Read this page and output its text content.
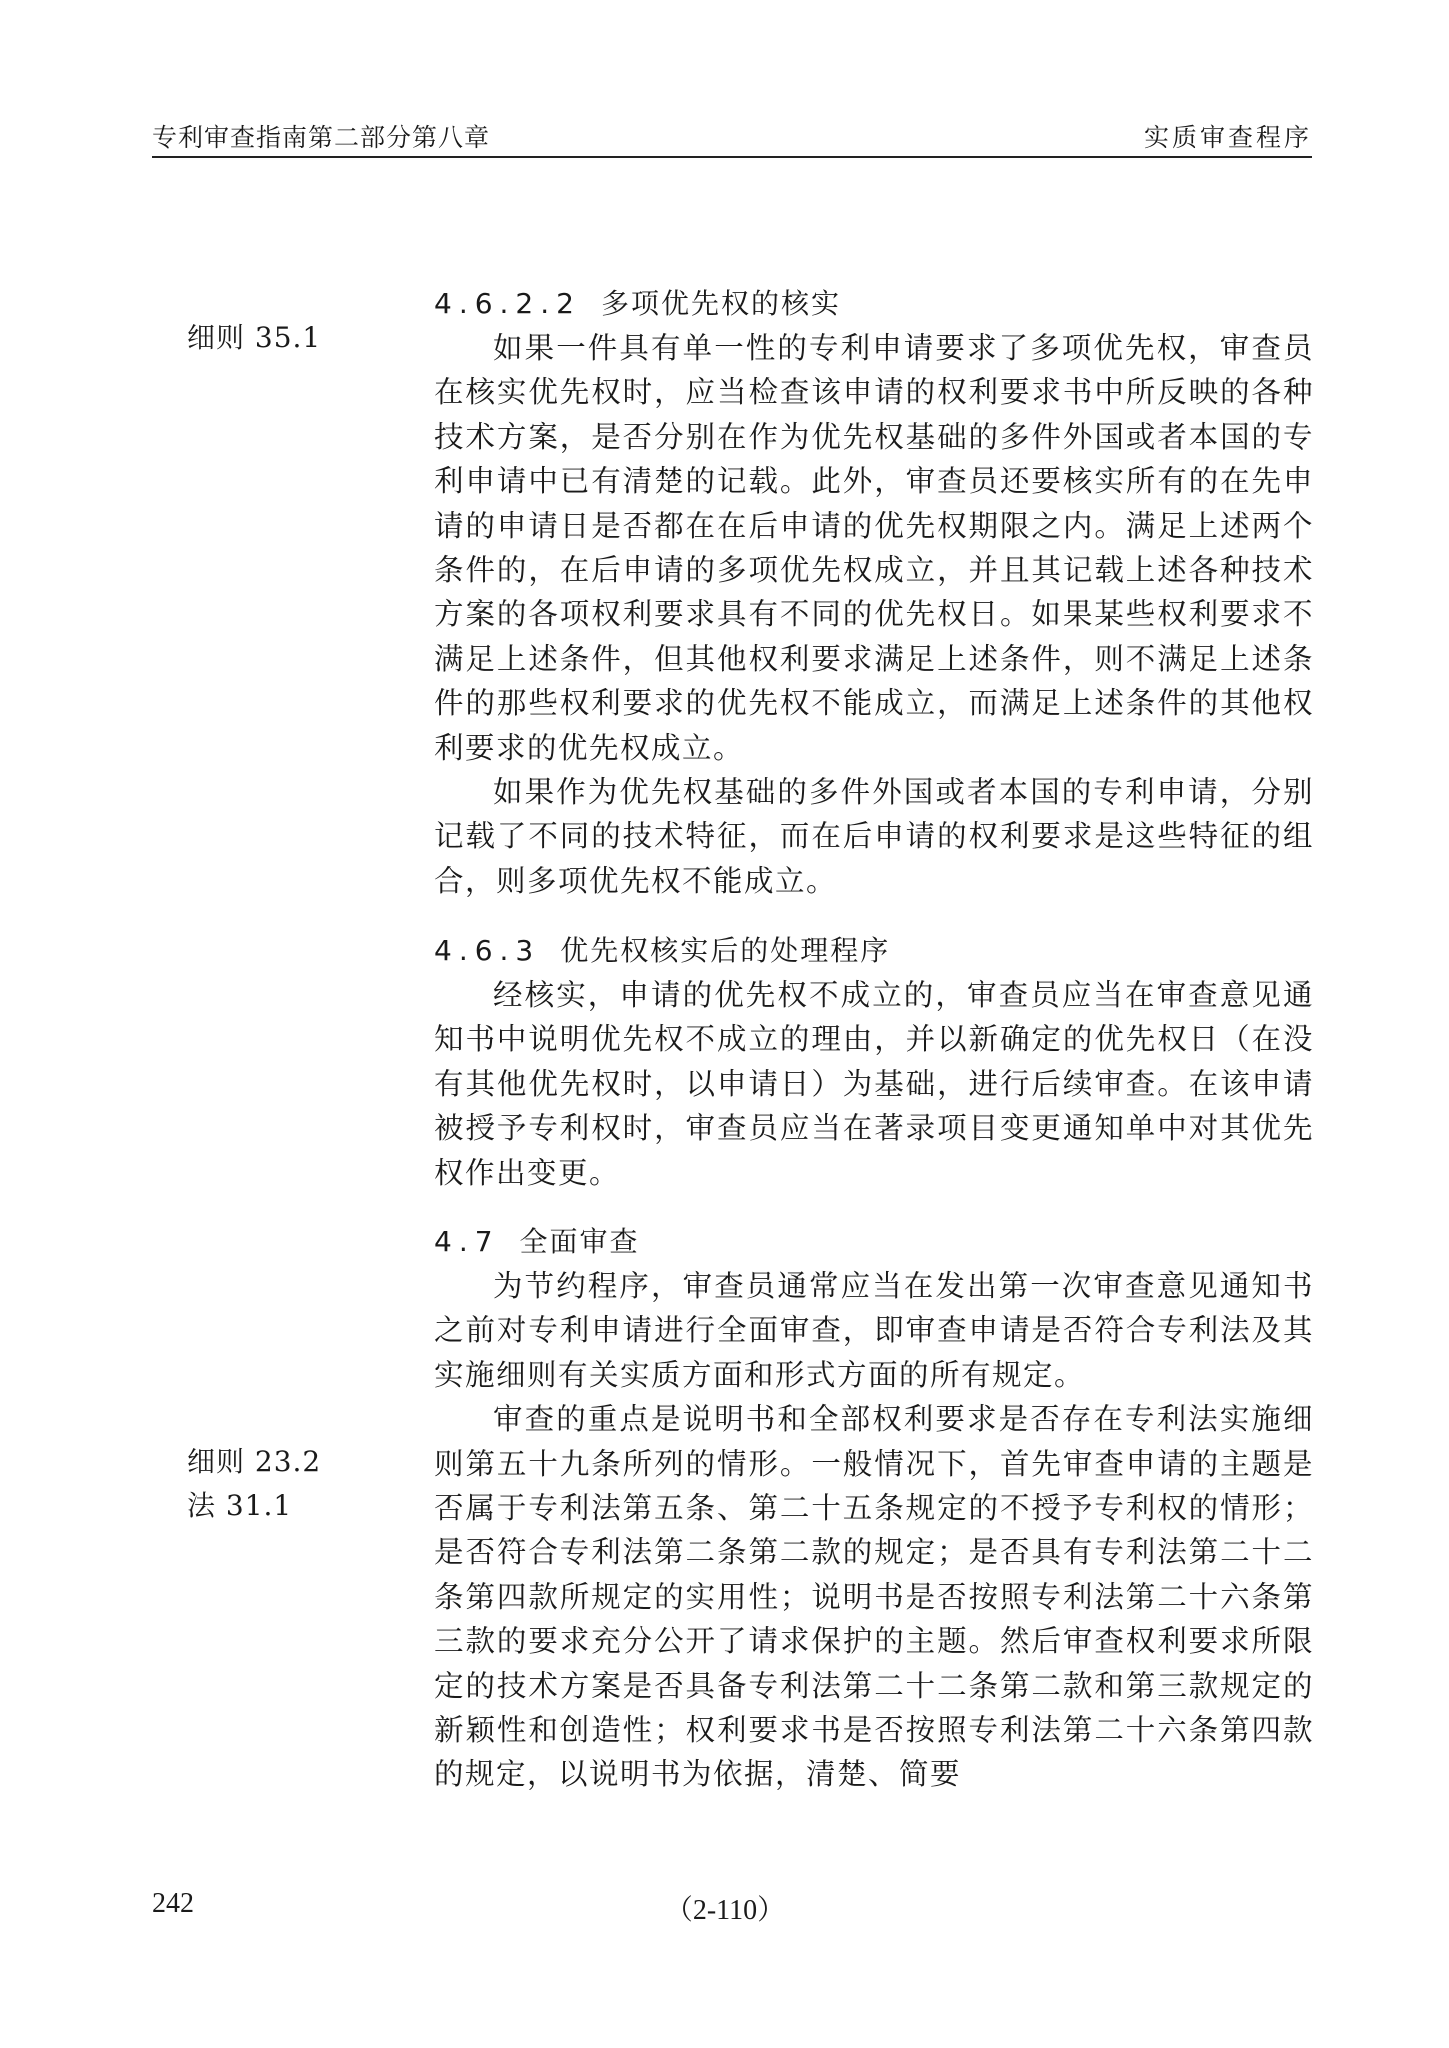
专利审查指南第二部分第八章	实质审查程序
细则 35.1
细则 23.2
法 31.1
4.6.2.2 多项优先权的核实

如果一件具有单一性的专利申请要求了多项优先权，审查员在核实优先权时，应当检查该申请的权利要求书中所反映的各种技术方案，是否分别在作为优先权基础的多件外国或者本国的专利申请中已有清楚的记载。此外，审查员还要核实所有的在先申请的申请日是否都在在后申请的优先权期限之内。满足上述两个条件的，在后申请的多项优先权成立，并且其记载上述各种技术方案的各项权利要求具有不同的优先权日。如果某些权利要求不满足上述条件，但其他权利要求满足上述条件，则不满足上述条件的那些权利要求的优先权不能成立，而满足上述条件的其他权利要求的优先权成立。

如果作为优先权基础的多件外国或者本国的专利申请，分别记载了不同的技术特征，而在后申请的权利要求是这些特征的组合，则多项优先权不能成立。

4.6.3 优先权核实后的处理程序

经核实，申请的优先权不成立的，审查员应当在审查意见通知书中说明优先权不成立的理由，并以新确定的优先权日（在没有其他优先权时，以申请日）为基础，进行后续审查。在该申请被授予专利权时，审查员应当在著录项目变更通知单中对其优先权作出变更。

4.7 全面审查

为节约程序，审查员通常应当在发出第一次审查意见通知书之前对专利申请进行全面审查，即审查申请是否符合专利法及其实施细则有关实质方面和形式方面的所有规定。

审查的重点是说明书和全部权利要求是否存在专利法实施细则第五十九条所列的情形。一般情况下，首先审查申请的主题是否属于专利法第五条、第二十五条规定的不授予专利权的情形；是否符合专利法第二条第二款的规定；是否具有专利法第二十二条第四款所规定的实用性；说明书是否按照专利法第二十六条第三款的要求充分公开了请求保护的主题。然后审查权利要求所限定的技术方案是否具备专利法第二十二条第二款和第三款规定的新颖性和创造性；权利要求书是否按照专利法第二十六条第四款的规定，以说明书为依据，清楚、简要

242	（2-110）
